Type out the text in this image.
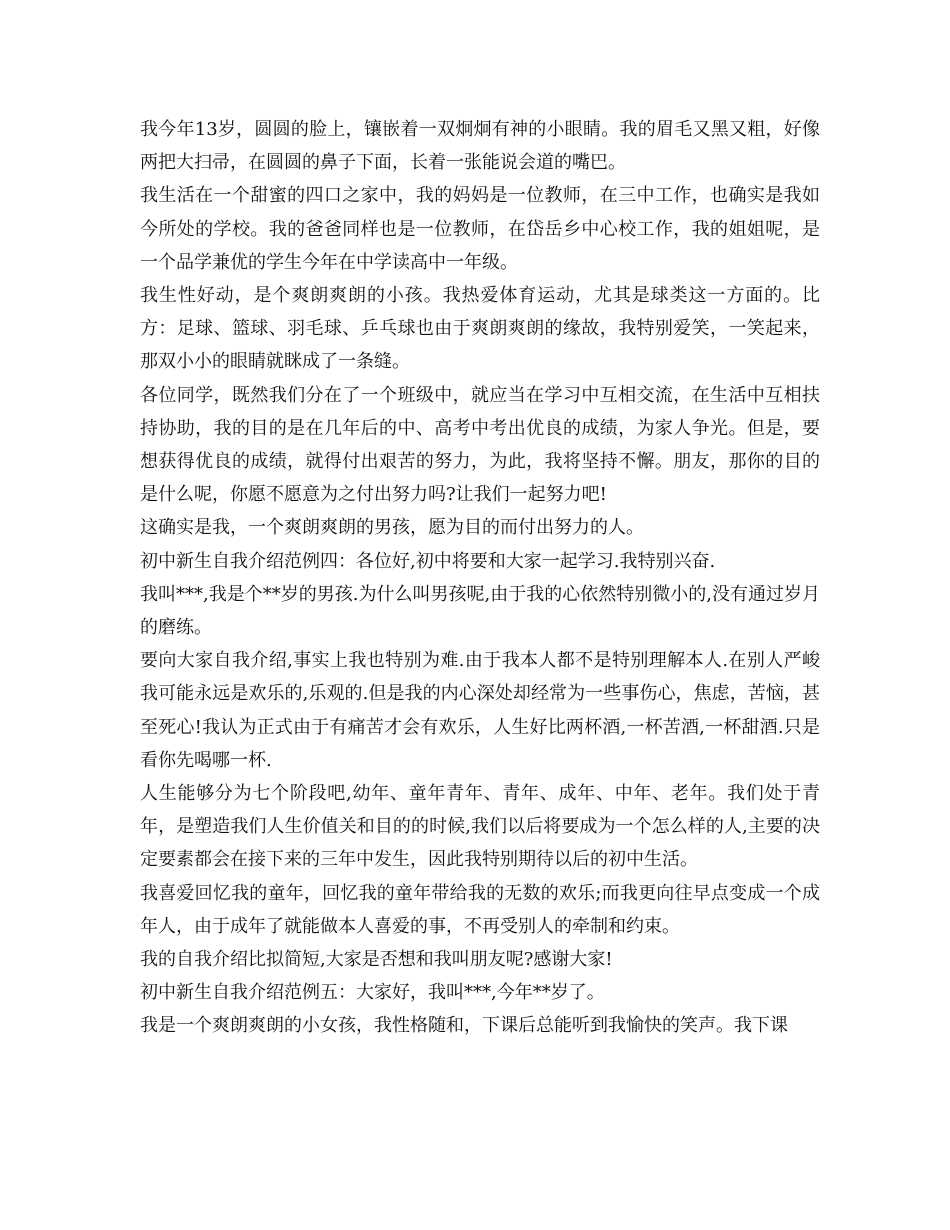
我今年13岁，圆圆的脸上，镶嵌着一双炯炯有神的小眼睛。我的眉毛又黑又粗，好像两把大扫帚，在圆圆的鼻子下面，长着一张能说会道的嘴巴。

我生活在一个甜蜜的四口之家中，我的妈妈是一位教师，在三中工作，也确实是我如今所处的学校。我的爸爸同样也是一位教师，在岱岳乡中心校工作，我的姐姐呢，是一个品学兼优的学生今年在中学读高中一年级。

我生性好动，是个爽朗爽朗的小孩。我热爱体育运动，尤其是球类这一方面的。比方：足球、篮球、羽毛球、乒乓球也由于爽朗爽朗的缘故，我特别爱笑，一笑起来，那双小小的眼睛就眯成了一条缝。

各位同学，既然我们分在了一个班级中，就应当在学习中互相交流，在生活中互相扶持协助，我的目的是在几年后的中、高考中考出优良的成绩，为家人争光。但是，要想获得优良的成绩，就得付出艰苦的努力，为此，我将坚持不懈。朋友，那你的目的是什么呢，你愿不愿意为之付出努力吗?让我们一起努力吧!

这确实是我，一个爽朗爽朗的男孩，愿为目的而付出努力的人。

初中新生自我介绍范例四：各位好,初中将要和大家一起学习.我特别兴奋.

我叫***,我是个**岁的男孩.为什么叫男孩呢,由于我的心依然特别微小的,没有通过岁月的磨练。

要向大家自我介绍,事实上我也特别为难.由于我本人都不是特别理解本人.在别人严峻我可能永远是欢乐的,乐观的.但是我的内心深处却经常为一些事伤心，焦虑，苦恼，甚至死心!我认为正式由于有痛苦才会有欢乐，人生好比两杯酒,一杯苦酒,一杯甜酒.只是看你先喝哪一杯.

人生能够分为七个阶段吧,幼年、童年青年、青年、成年、中年、老年。我们处于青年，是塑造我们人生价值关和目的的时候,我们以后将要成为一个怎么样的人,主要的决定要素都会在接下来的三年中发生，因此我特别期待以后的初中生活。

我喜爱回忆我的童年，回忆我的童年带给我的无数的欢乐;而我更向往早点变成一个成年人，由于成年了就能做本人喜爱的事，不再受别人的牵制和约束。

我的自我介绍比拟简短,大家是否想和我叫朋友呢?感谢大家!

初中新生自我介绍范例五：大家好，我叫***,今年**岁了。

我是一个爽朗爽朗的小女孩，我性格随和，下课后总能听到我愉快的笑声。我下课
